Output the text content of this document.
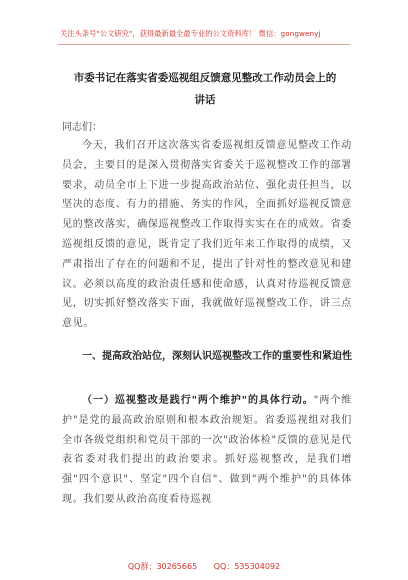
关注头条号"公文研究"，获得最新最全最专业的公文资料库！ 微信：gongwenyj
市委书记在落实省委巡视组反馈意见整改工作动员会上的
讲话
同志们：
今天，我们召开这次落实省委巡视组反馈意见整改工作动员会，主要目的是深入贯彻落实省委关于巡视整改工作的部署要求，动员全市上下进一步提高政治站位、强化责任担当，以坚决的态度、有力的措施、务实的作风，全面抓好巡视反馈意见的整改落实，确保巡视整改工作取得实实在在的成效。省委巡视组反馈的意见，既肯定了我们近年来工作取得的成绩，又严肃指出了存在的问题和不足，提出了针对性的整改意见和建议。必须以高度的政治责任感和使命感，认真对待巡视反馈意见，切实抓好整改落实下面，我就做好巡视整改工作，讲三点意见。
一、提高政治站位，深刻认识巡视整改工作的重要性和紧迫性
（一）巡视整改是践行"两个维护"的具体行动。"两个维护"是党的最高政治原则和根本政治规矩。省委巡视组对我们全市各级党组织和党员干部的一次"政治体检"反馈的意见是代表省委对我们提出的政治要求。抓好巡视整改，是我们增强"四个意识"、坚定"四个自信"、做到"两个维护"的具体体现。我们要从政治高度看待巡视
QQ群：30265665 QQ：535304092
